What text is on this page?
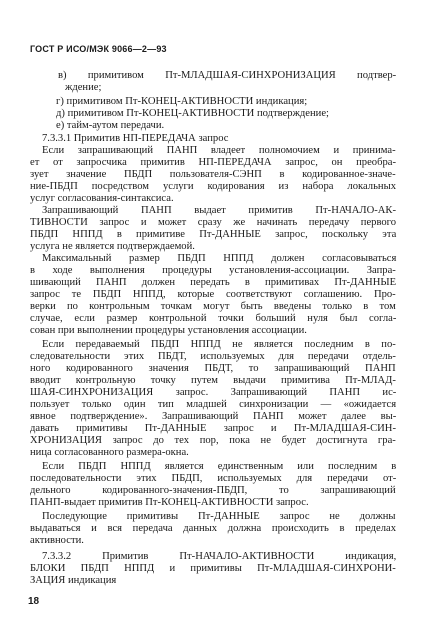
ГОСТ Р ИСО/МЭК 9066—2—93
в) примитивом Пт-МЛАДШАЯ-СИНХРОНИЗАЦИЯ подтвер-
ждение;
г) примитивом Пт-КОНЕЦ-АКТИВНОСТИ индикация;
д) примитивом Пт-КОНЕЦ-АКТИВНОСТИ подтверждение;
е) тайм-аутом передачи.
7.3.3.1 Примитив НП-ПЕРЕДАЧА запрос
Если запрашивающий ПАНП владеет полномочием и принима-
ет от запросчика примитив НП-ПЕРЕДАЧА запрос, он преобра-
зует значение ПБДП пользователя-СЭНП в кодированное-значе-
ние-ПБДП посредством услуги кодирования из набора локальных
услуг согласования-синтаксиса.
Запрашивающий ПАНП выдает примитив Пт-НАЧАЛО-АК-
ТИВНОСТИ запрос и может сразу же начинать передачу первого
ПБДП НППД в примитиве Пт-ДАННЫЕ запрос, поскольку эта
услуга не является подтверждаемой.
Максимальный размер ПБДП НППД должен согласовываться
в ходе выполнения процедуры установления-ассоциации. Запра-
шивающий ПАНП должен передать в примитивах Пт-ДАННЫЕ
запрос те ПБДП НППД, которые соответствуют соглашению. Про-
верки по контрольным точкам могут быть введены только в том
случае, если размер контрольной точки больший нуля был согла-
сован при выполнении процедуры установления ассоциации.
Если передаваемый ПБДП НППД не является последним в по-
следовательности этих ПБДТ, используемых для передачи отдель-
ного кодированного значения ПБДТ, то запрашивающий ПАНП
вводит контрольную точку путем выдачи примитива Пт-МЛАД-
ШАЯ-СИНХРОНИЗАЦИЯ запрос. Запрашивающий ПАНП ис-
пользует только один тип младшей синхронизации — «ожидается
явное подтверждение». Запрашивающий ПАНП может далее вы-
давать примитивы Пт-ДАННЫЕ запрос и Пт-МЛАДШАЯ-СИН-
ХРОНИЗАЦИЯ запрос до тех пор, пока не будет достигнута гра-
ница согласованного размера-окна.
Если ПБДП НППД является единственным или последним в
последовательности этих ПБДП, используемых для передачи от-
дельного кодированного-значения-ПБДП, то запрашивающий
ПАНП-выдает примитив Пт-КОНЕЦ-АКТИВНОСТИ запрос.
Последующие примитивы Пт-ДАННЫЕ запрос не должны
выдаваться и вся передача данных должна происходить в пределах
активности.
7.3.3.2 Примитив Пт-НАЧАЛО-АКТИВНОСТИ индикация,
БЛОКИ ПБДП НППД и примитивы Пт-МЛАДШАЯ-СИНХРОНИ-
ЗАЦИЯ индикация
18
